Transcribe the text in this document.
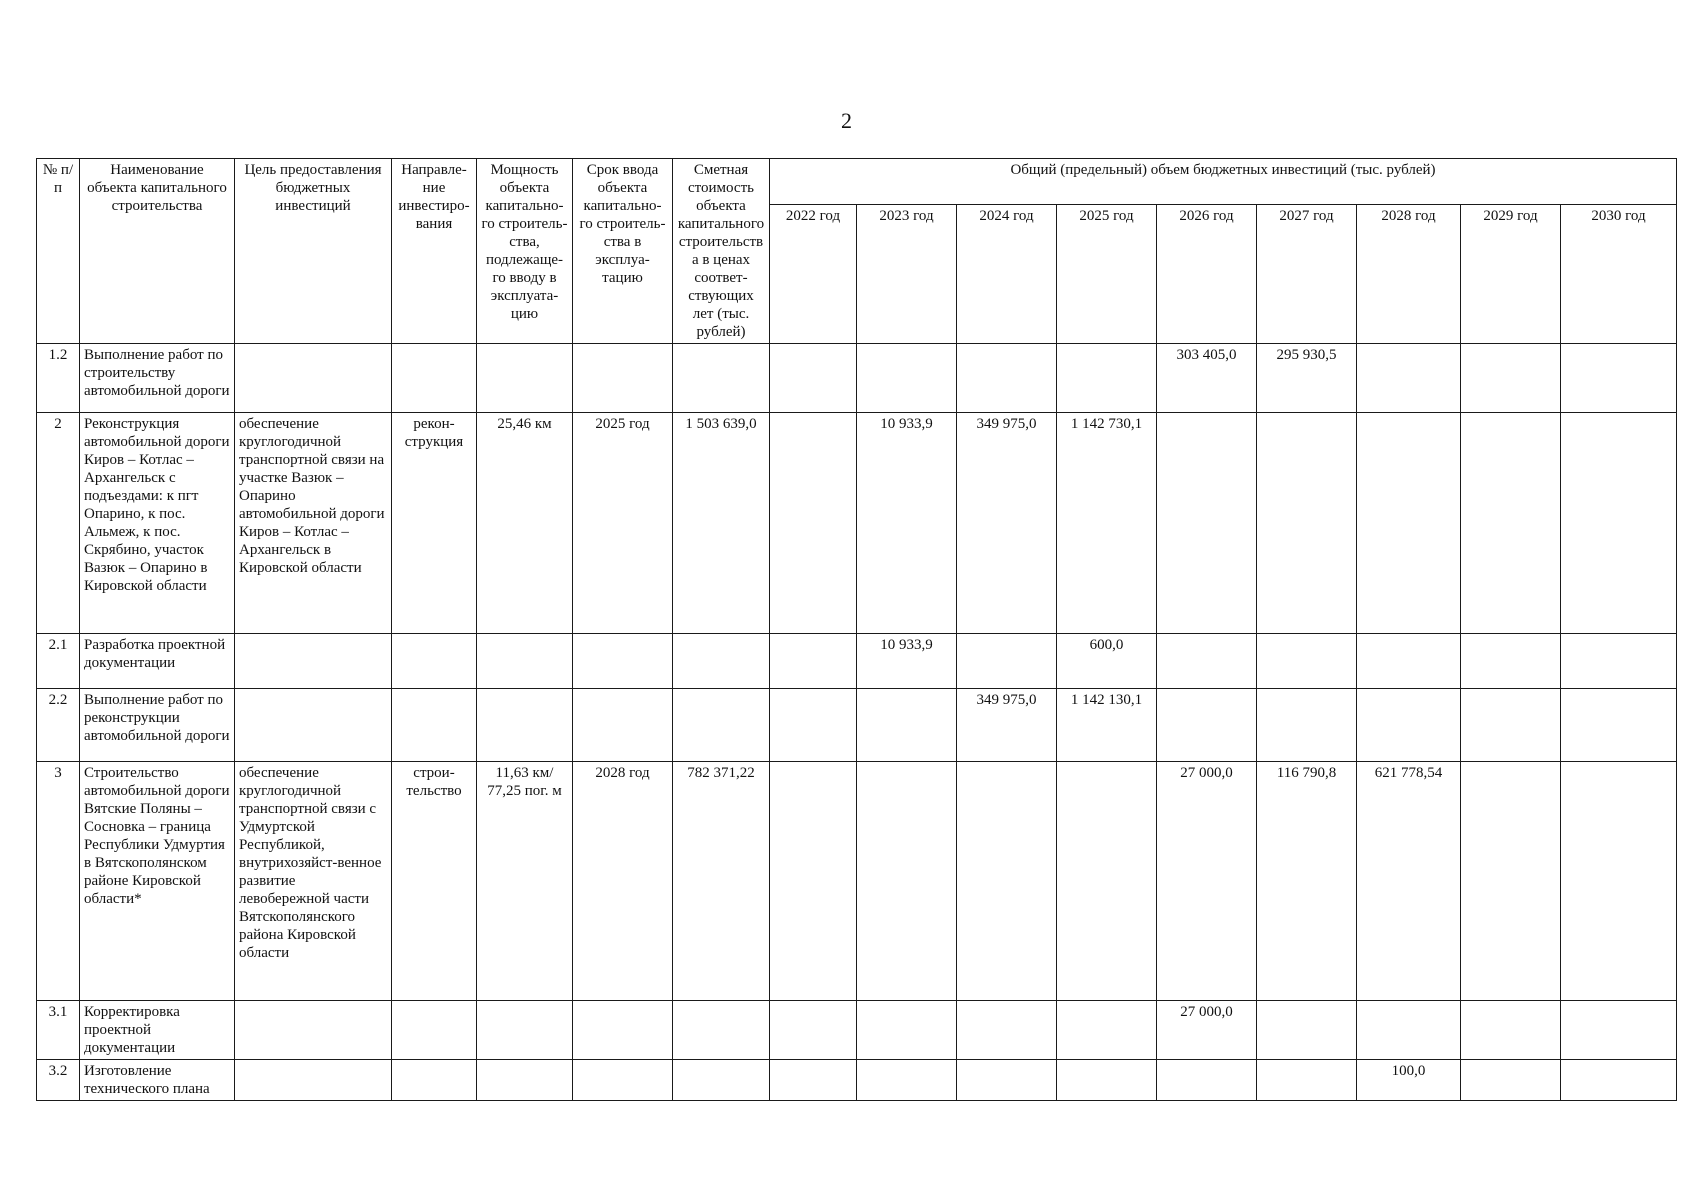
2
№ п/п	Наименование объекта капитального строительства	Цель предоставления бюджетных инвестиций	Направле-ние инвестиро-вания	Мощность объекта капитально-го строитель-ства, подлежаще-го вводу в эксплуата-цию	Срок ввода объекта капитально-го строитель-ства в эксплуа-тацию	Сметная стоимость объекта капитального строительства в ценах соответ-ствующих лет (тыс. рублей)	Общий (предельный) объем бюджетных инвестиций (тыс. рублей)								
							2022 год	2023 год	2024 год	2025 год	2026 год	2027 год	2028 год	2029 год	2030 год
1.2	Выполнение работ по строительству автомобильной дороги										303 405,0	295 930,5			
2	Реконструкция автомобильной дороги Киров – Котлас – Архангельск с подъездами: к пгт Опарино, к пос. Альмеж, к пос. Скрябино, участок Вазюк – Опарино в Кировской области	обеспечение круглогодичной транспортной связи на участке Вазюк – Опарино автомобильной дороги Киров – Котлас – Архангельск в Кировской области	рекон-струкция	25,46 км	2025 год	1 503 639,0		10 933,9	349 975,0	1 142 730,1					
2.1	Разработка проектной документации							10 933,9		600,0					
2.2	Выполнение работ по реконструкции автомобильной дороги								349 975,0	1 142 130,1					
3	Строительство автомобильной дороги Вятские Поляны – Сосновка – граница Республики Удмуртия в Вятскополянском районе Кировской области*	обеспечение круглогодичной транспортной связи с Удмуртской Республикой, внутрихозяйст-венное развитие левобережной части Вятскополянского района Кировской области	строи-тельство	11,63 км/ 77,25 пог. м	2028 год	782 371,22					27 000,0	116 790,8	621 778,54		
3.1	Корректировка проектной документации										27 000,0				
3.2	Изготовление технического плана												100,0		
